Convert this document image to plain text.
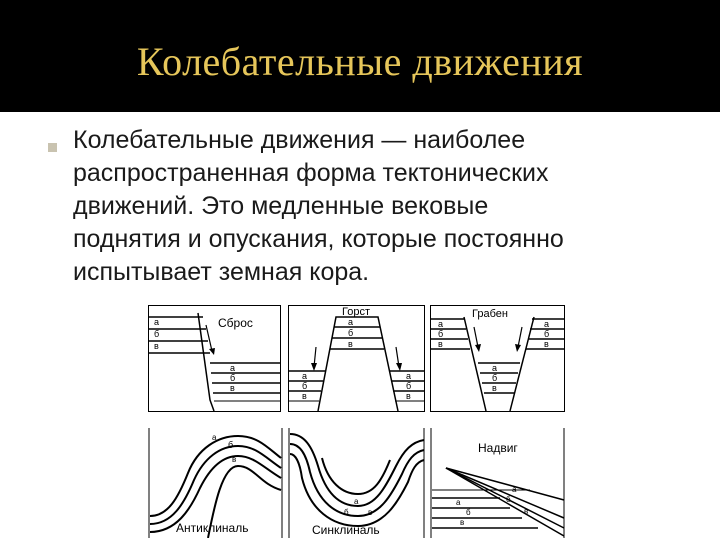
Колебательные движения
Колебательные движения — наиболее
распространенная форма тектонических
движений. Это медленные вековые
поднятия и опускания, которые постоянно
испытывает земная кора.
а
б
в
а
б
в
Сброс	а
б
в
а
б
в
а
б
в
Горст
а
б
в
а
б
в
а
б
в
Грабен
а
б
в
Антиклиналь
а
б в
Синклиналь
а
б
в
а
б
в
Надвиг
